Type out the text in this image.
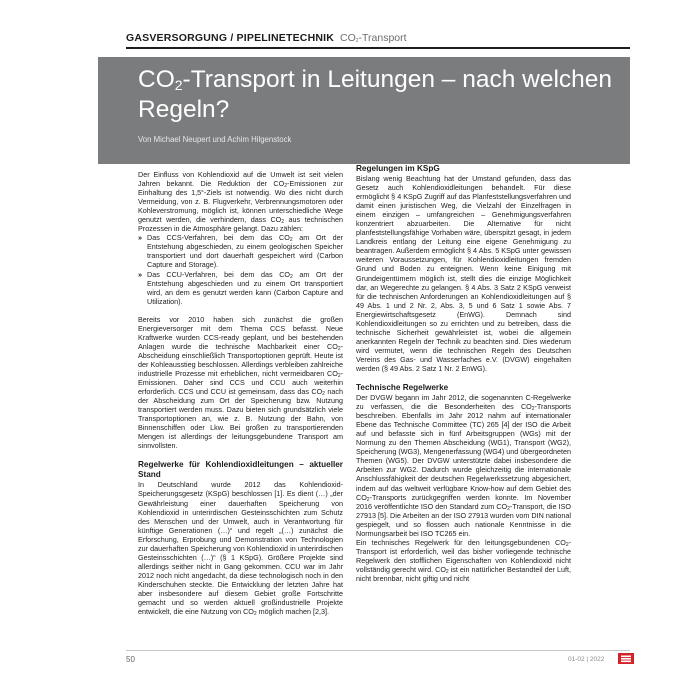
GASVERSORGUNG / PIPELINETECHNIK $CO_2$-Transport
$CO_2$-Transport in Leitungen – nach welchen Regeln?
Von Michael Neupert und Achim Hilgenstock

Der Einfluss von Kohlendioxid auf die Umwelt ist seit vielen Jahren bekannt. Die Reduktion der $CO_2$-Emissionen zur Einhaltung des 1,5°-Ziels ist notwendig. Wo dies nicht durch Vermeidung, von z. B. Flugverkehr, Verbrennungsmotoren oder Kohleverstromung, möglich ist, können unterschiedliche Wege genutzt werden, die verhindern, dass $CO_2$ aus technischen Prozessen in die Atmosphäre gelangt. Dazu zählen:

» Das CCS-Verfahren, bei dem das $CO_2$ am Ort der Entstehung abgeschieden, zu einem geologischen Speicher transportiert und dort dauerhaft gespeichert wird (Carbon Capture and Storage).
» Das CCU-Verfahren, bei dem das $CO_2$ am Ort der Entstehung abgeschieden und zu einem Ort transportiert wird, an dem es genutzt werden kann (Carbon Capture and Utilization).

Bereits vor 2010 haben sich zunächst die großen Energieversorger mit dem Thema CCS befasst. Neue Kraftwerke wurden CCS-ready geplant, und bei bestehenden Anlagen wurde die technische Machbarkeit einer $CO_2$-Abscheidung einschließlich Transportoptionen geprüft. Heute ist der Kohleausstieg beschlossen. Allerdings verbleiben zahlreiche industrielle Prozesse mit erheblichen, nicht vermeidbaren $CO_2$-Emissionen. Daher sind CCS und CCU auch weiterhin erforderlich. CCS und CCU ist gemeinsam, dass das $CO_2$ nach der Abscheidung zum Ort der Speicherung bzw. Nutzung transportiert werden muss. Dazu bieten sich grundsätzlich viele Transportoptionen an, wie z. B. Nutzung der Bahn, von Binnenschiffen oder Lkw. Bei großen zu transportierenden Mengen ist allerdings der leitungsgebundene Transport am sinnvollsten.

Regelwerke für Kohlendioxidleitungen – aktueller Stand

In Deutschland wurde 2012 das Kohlendioxid-Speicherungsgesetz (KSpG) beschlossen [1]. Es dient (…) „der Gewährleistung einer dauerhaften Speicherung von Kohlendioxid in unterirdischen Gesteinsschichten zum Schutz des Menschen und der Umwelt, auch in Verantwortung für künftige Generationen (…)“ und regelt „(…) zunächst die Erforschung, Erprobung und Demonstration von Technologien zur dauerhaften Speicherung von Kohlendioxid in unterirdischen Gesteinsschichten (…)“ (§ 1 KSpG). Größere Projekte sind allerdings seither nicht in Gang gekommen. CCU war im Jahr 2012 noch nicht angedacht, da diese technologisch noch in den Kinderschuhen steckte. Die Entwicklung der letzten Jahre hat aber insbesondere auf diesem Gebiet große Fortschritte gemacht und so werden aktuell großindustrielle Projekte entwickelt, die eine Nutzung von $CO_2$ möglich machen [2,3].

Regelungen im KSpG

Bislang wenig Beachtung hat der Umstand gefunden, dass das Gesetz auch Kohlendioxidleitungen behandelt. Für diese ermöglicht § 4 KSpG Zugriff auf das Planfeststellungsverfahren und damit einen juristischen Weg, die Vielzahl der Einzelfragen in einem einzigen – umfangreichen – Genehmigungsverfahren konzentriert abzuarbeiten. Die Alternative für nicht planfeststellungsfähige Vorhaben wäre, überspitzt gesagt, in jedem Landkreis entlang der Leitung eine eigene Genehmigung zu beantragen. Außerdem ermöglicht § 4 Abs. 5 KSpG unter gewissen weiteren Voraussetzungen, für Kohlendioxidleitungen fremden Grund und Boden zu enteignen. Wenn keine Einigung mit Grundeigentümern möglich ist, stellt dies die einzige Möglichkeit dar, an Wegerechte zu gelangen. § 4 Abs. 3 Satz 2 KSpG verweist für die technischen Anforderungen an Kohlendioxidleitungen auf § 49 Abs. 1 und 2 Nr. 2, Abs. 3, 5 und 6 Satz 1 sowie Abs. 7 Energiewirtschaftsgesetz (EnWG). Demnach sind Kohlendioxidleitungen so zu errichten und zu betreiben, dass die technische Sicherheit gewährleistet ist, wobei die allgemein anerkannten Regeln der Technik zu beachten sind. Dies wiederum wird vermutet, wenn die technischen Regeln des Deutschen Vereins des Gas- und Wasserfaches e.V. (DVGW) eingehalten werden (§ 49 Abs. 2 Satz 1 Nr. 2 EnWG).

Technische Regelwerke

Der DVGW begann im Jahr 2012, die sogenannten C-Regelwerke zu verfassen, die die Besonderheiten des $CO_2$-Transports beschreiben. Ebenfalls im Jahr 2012 nahm auf internationaler Ebene das Technische Committee (TC) 265 [4] der ISO die Arbeit auf und befasste sich in fünf Arbeitsgruppen (WGs) mit der Normung zu den Themen Abscheidung (WG1), Transport (WG2), Speicherung (WG3), Mengenerfassung (WG4) und übergeordneten Themen (WG5). Der DVGW unterstützte dabei insbesondere die Arbeiten zur WG2. Dadurch wurde gleichzeitig die internationale Anschlussfähigkeit der deutschen Regelwerkssetzung abgesichert, indem auf das weltweit verfügbare Know-how auf dem Gebiet des $CO_2$-Transports zurückgegriffen werden konnte. Im November 2016 veröffentlichte ISO den Standard zum $CO_2$-Transport, die ISO 27913 [5]. Die Arbeiten an der ISO 27913 wurden vom DIN national gespiegelt, und so flossen auch nationale Kenntnisse in die Normungsarbeit bei ISO TC265 ein.

Ein technisches Regelwerk für den leitungsgebundenen $CO_2$-Transport ist erforderlich, weil das bisher vorliegende technische Regelwerk den stofflichen Eigenschaften von Kohlendioxid nicht vollständig gerecht wird. $CO_2$ ist ein natürlicher Bestandteil der Luft, nicht brennbar, nicht giftig und nicht

50	01-02 | 2022
